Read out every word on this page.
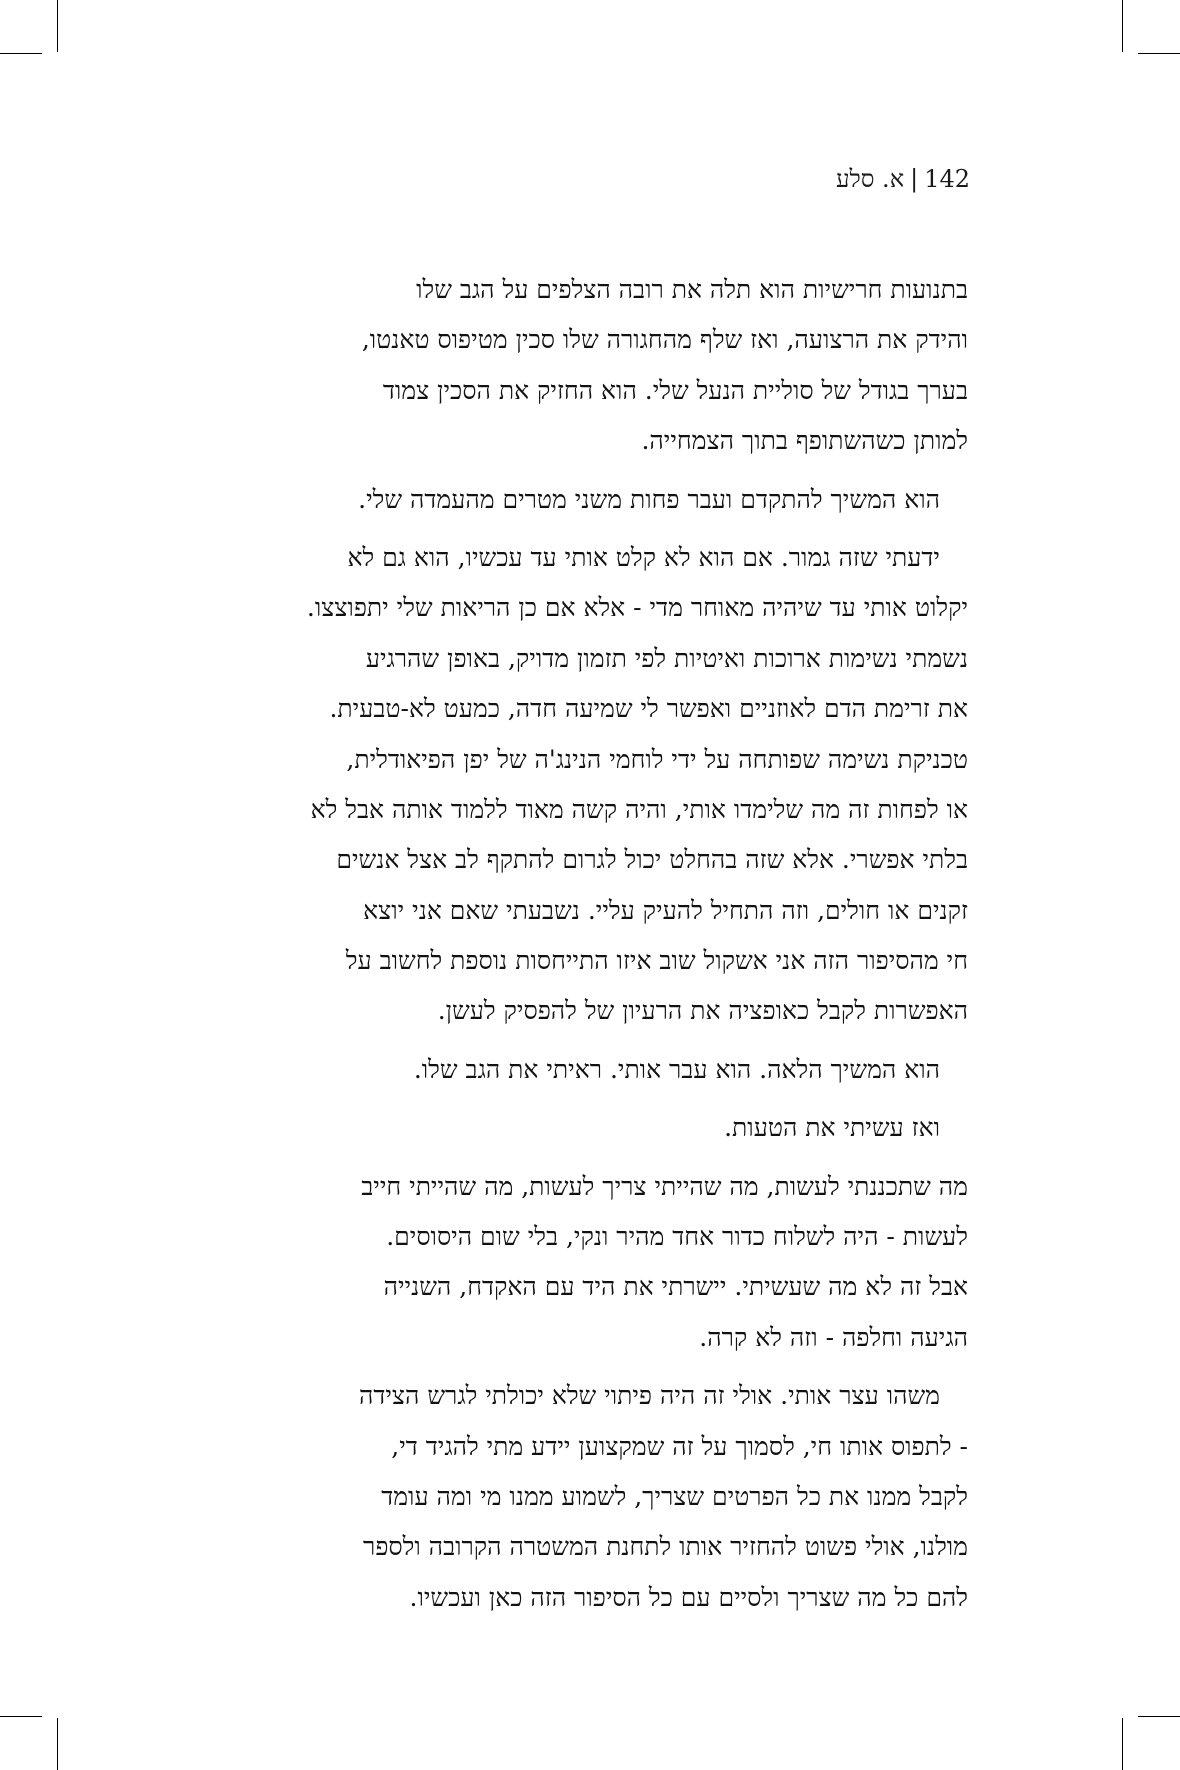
142|א. סלע
בתנועות חרישיות הוא תלה את רובה הצלפים על הגב שלו
והידק את הרצועה, ואז שלף מהחגורה שלו סכין מטיפוס טאנטו,
בערך בגודל של סוליית הנעל שלי. הוא החזיק את הסכין צמוד
למותן כשהשתופף בתוך הצמחייה.
הוא המשיך להתקדם ועבר פחות משני מטרים מהעמדה שלי.
ידעתי שזה גמור. אם הוא לא קלט אותי עד עכשיו, הוא גם לא
יקלוט אותי עד שיהיה מאוחר מדי - אלא אם כן הריאות שלי יתפוצצו.
נשמתי נשימות ארוכות ואיטיות לפי תזמון מדויק, באופן שהרגיע
את זרימת הדם לאוזניים ואפשר לי שמיעה חדה, כמעט לא-טבעית.
טכניקת נשימה שפותחה על ידי לוחמי הנינג'ה של יפן הפיאודלית,
או לפחות זה מה שלימדו אותי, והיה קשה מאוד ללמוד אותה אבל לא
בלתי אפשרי. אלא שזה בהחלט יכול לגרום להתקף לב אצל אנשים
זקנים או חולים, וזה התחיל להעיק עליי. נשבעתי שאם אני יוצא
חי מהסיפור הזה אני אשקול שוב איזו התייחסות נוספת לחשוב על
האפשרות לקבל כאופציה את הרעיון של להפסיק לעשן.
הוא המשיך הלאה. הוא עבר אותי. ראיתי את הגב שלו.
ואז עשיתי את הטעות.
מה שתכננתי לעשות, מה שהייתי צריך לעשות, מה שהייתי חייב
לעשות - היה לשלוח כדור אחד מהיר ונקי, בלי שום היסוסים.
אבל זה לא מה שעשיתי. יישרתי את היד עם האקדח, השנייה
הגיעה וחלפה - וזה לא קרה.
משהו עצר אותי. אולי זה היה פיתוי שלא יכולתי לגרש הצידה
- לתפוס אותו חי, לסמוך על זה שמקצוען יידע מתי להגיד די,
לקבל ממנו את כל הפרטים שצריך, לשמוע ממנו מי ומה עומד
מולנו, אולי פשוט להחזיר אותו לתחנת המשטרה הקרובה ולספר
להם כל מה שצריך ולסיים עם כל הסיפור הזה כאן ועכשיו.
